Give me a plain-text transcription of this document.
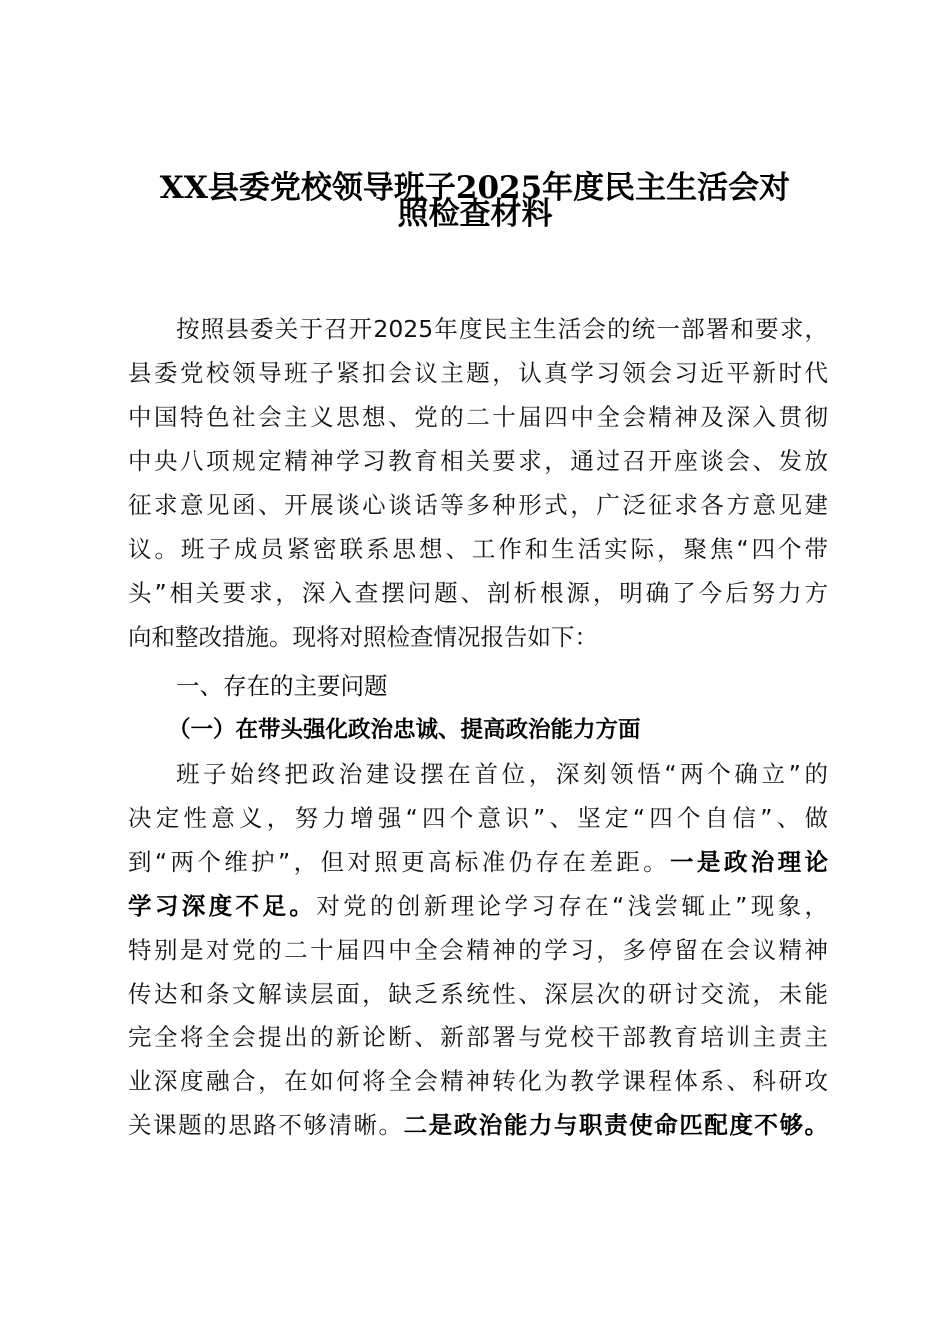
XX县委党校领导班子2025年度民主生活会对
照检查材料
按照县委关于召开2025年度民主生活会的统一部署和要求，
县委党校领导班子紧扣会议主题，认真学习领会习近平新时代
中国特色社会主义思想、党的二十届四中全会精神及深入贯彻
中央八项规定精神学习教育相关要求，通过召开座谈会、发放
征求意见函、开展谈心谈话等多种形式，广泛征求各方意见建
议。班子成员紧密联系思想、工作和生活实际，聚焦“四个带
头”相关要求，深入查摆问题、剖析根源，明确了今后努力方
向和整改措施。现将对照检查情况报告如下：
一、存在的主要问题
（一）在带头强化政治忠诚、提高政治能力方面
班子始终把政治建设摆在首位，深刻领悟“两个确立”的
决定性意义，努力增强“四个意识”、坚定“四个自信”、做
到“两个维护”，但对照更高标准仍存在差距。一是政治理论
学习深度不足。对党的创新理论学习存在“浅尝辄止”现象，
特别是对党的二十届四中全会精神的学习，多停留在会议精神
传达和条文解读层面，缺乏系统性、深层次的研讨交流，未能
完全将全会提出的新论断、新部署与党校干部教育培训主责主
业深度融合，在如何将全会精神转化为教学课程体系、科研攻
关课题的思路不够清晰。二是政治能力与职责使命匹配度不够。
